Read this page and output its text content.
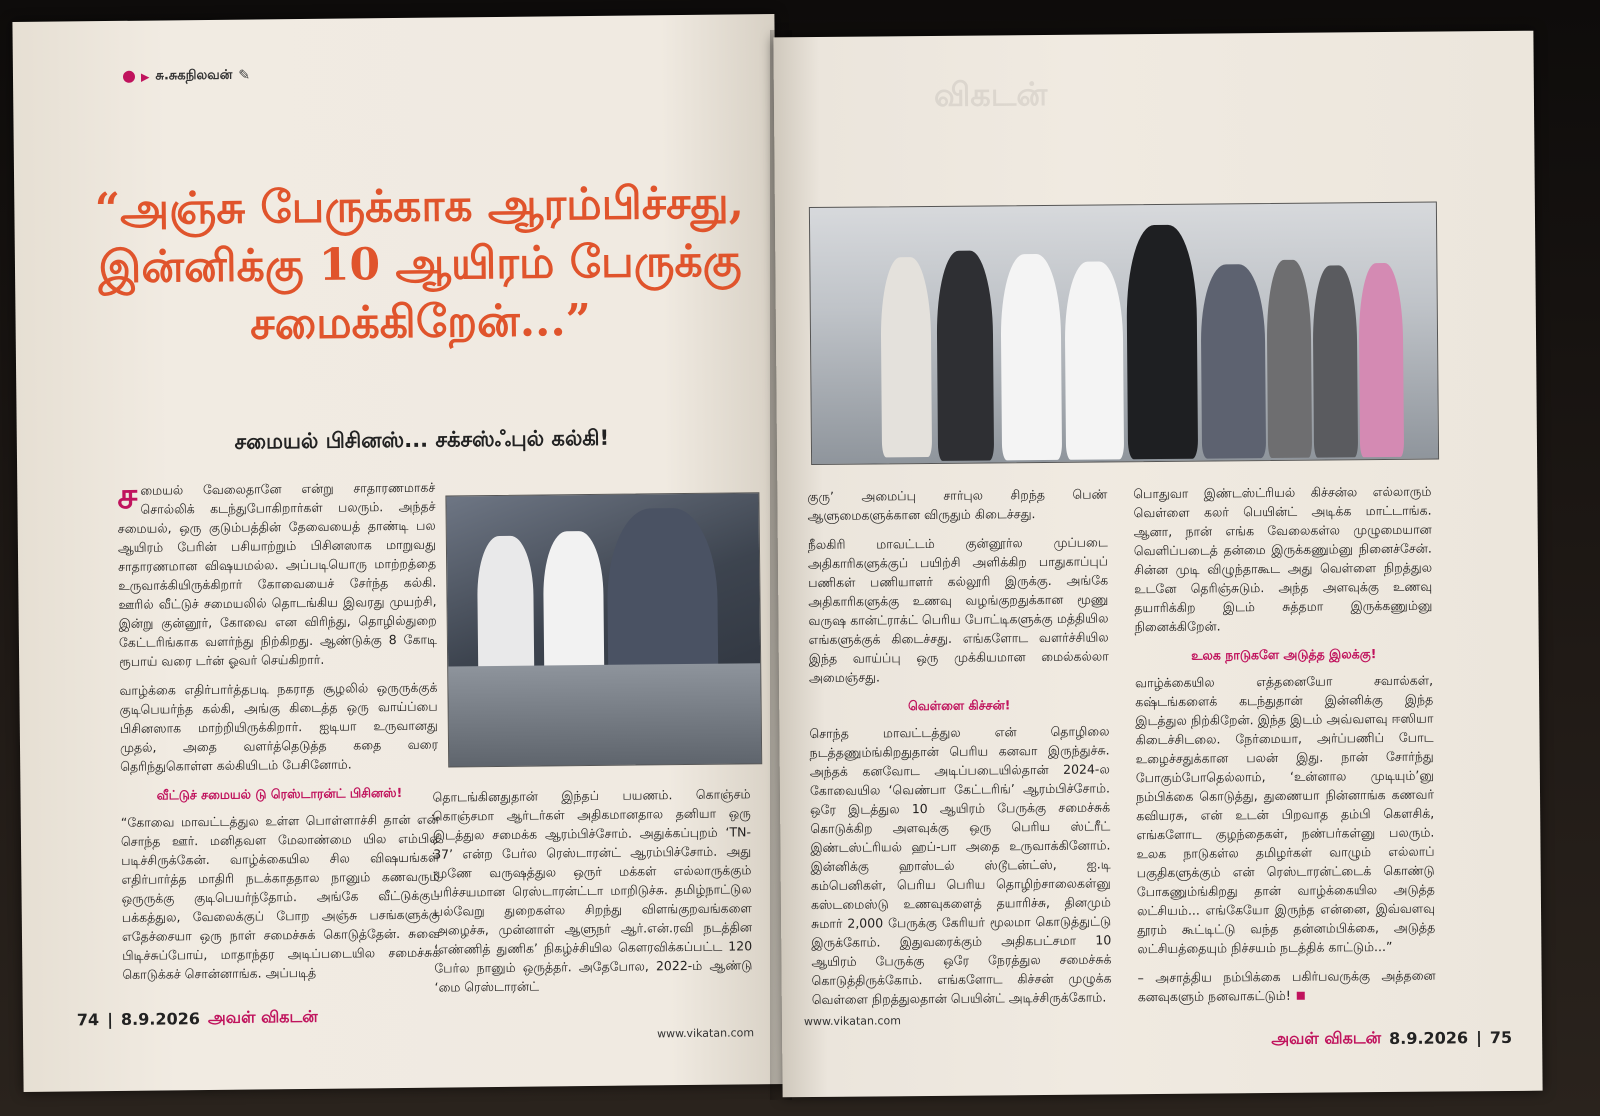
▶ சு.சுகநிலவன் ✎
“அஞ்சு பேருக்காக ஆரம்பிச்சது, இன்னிக்கு 10 ஆயிரம் பேருக்கு சமைக்கிறேன்...”
சமையல் பிசினஸ்... சக்சஸ்ஃபுல் கல்கி!

சமையல் வேலைதானே என்று சாதாரணமாகச் சொல்லிக் கடந்துபோகிறார்கள் பலரும். அந்தச் சமையல், ஒரு குடும்பத்தின் தேவையைத் தாண்டி பல ஆயிரம் பேரின் பசியாற்றும் பிசினஸாக மாறுவது சாதாரணமான விஷயமல்ல. அப்படியொரு மாற்றத்தை உருவாக்கியிருக்கிறார் கோவையைச் சேர்ந்த கல்கி. ஊரில் வீட்டுச் சமையலில் தொடங்கிய இவரது முயற்சி, இன்று குன்னூர், கோவை என விரிந்து, தொழில்துறை கேட்டரிங்காக வளர்ந்து நிற்கிறது. ஆண்டுக்கு 8 கோடி ரூபாய் வரை டர்ன் ஓவர் செய்கிறார்.

வாழ்க்கை எதிர்பார்த்தபடி நகராத சூழலில் ஒருருக்குக் குடிபெயர்ந்த கல்கி, அங்கு கிடைத்த ஒரு வாய்ப்பை பிசினஸாக மாற்றியிருக்கிறார். ஐடியா உருவானது முதல், அதை வளர்த்தெடுத்த கதை வரை தெரிந்துகொள்ள கல்கியிடம் பேசினோம்.

வீட்டுச் சமையல் டு ரெஸ்டாரன்ட் பிசினஸ்!

“கோவை மாவட்டத்துல உள்ள பொள்ளாச்சி தான் என் சொந்த ஊர். மனிதவள மேலாண்மை யில எம்பிஏ படிச்சிருக்கேன். வாழ்க்கையில சில விஷயங்கள் எதிர்பார்த்த மாதிரி நடக்காததால நானும் கணவரும் ஒருருக்கு குடிபெயர்ந்தோம். அங்கே வீட்டுக்குப் பக்கத்துல, வேலைக்குப் போற அஞ்சு பசங்களுக்கு எதேச்சையா ஒரு நாள் சமைச்சுக் கொடுத்தேன். சுவை பிடிச்சுப்போய், மாதாந்தர அடிப்படையில சமைச்சுக் கொடுக்கச் சொன்னாங்க. அப்படித்

தொடங்கினதுதான் இந்தப் பயணம். கொஞ்சம் கொஞ்சமா ஆர்டர்கள் அதிகமானதால தனியா ஒரு இடத்துல சமைக்க ஆரம்பிச்சோம். அதுக்கப்புறம் ‘TN-37’ என்ற பேர்ல ரெஸ்டாரன்ட் ஆரம்பிச்சோம். அது மூணே வருஷத்துல ஒருர் மக்கள் எல்லாருக்கும் பரிச்சயமான ரெஸ்டாரன்ட்டா மாறிடுச்சு. தமிழ்நாட்டுல பல்வேறு துறைகள்ல சிறந்து விளங்குறவங்களை அழைச்சு, முன்னாள் ஆளுநர் ஆர்.என்.ரவி நடத்தின ‘எண்ணித் துணிக’ நிகழ்ச்சியில கௌரவிக்கப்பட்ட 120 பேர்ல நானும் ஒருத்தர். அதேபோல, 2022-ம் ஆண்டு ‘மை ரெஸ்டாரன்ட்

74 | 8.9.2026 அவள் விகடன்
www.vikatan.com
விகடன்

குரு’ அமைப்பு சார்புல சிறந்த பெண் ஆளுமைகளுக்கான விருதும் கிடைச்சது.

நீலகிரி மாவட்டம் குன்னூர்ல முப்படை அதிகாரிகளுக்குப் பயிற்சி அளிக்கிற பாதுகாப்புப் பணிகள் பணியாளர் கல்லூரி இருக்கு. அங்கே அதிகாரிகளுக்கு உணவு வழங்குறதுக்கான மூணு வருஷ கான்ட்ராக்ட் பெரிய போட்டிகளுக்கு மத்தியில எங்களுக்குக் கிடைச்சது. எங்களோட வளர்ச்சியில இந்த வாய்ப்பு ஒரு முக்கியமான மைல்கல்லா அமைஞ்சது.

வெள்ளை கிச்சன்!

சொந்த மாவட்டத்துல என் தொழிலை நடத்தணும்ங்கிறதுதான் பெரிய கனவா இருந்துச்சு. அந்தக் கனவோட அடிப்படையில்தான் 2024-ல கோவையில ‘வெண்பா கேட்டரிங்’ ஆரம்பிச்சோம். ஒரே இடத்துல 10 ஆயிரம் பேருக்கு சமைச்சுக் கொடுக்கிற அளவுக்கு ஒரு பெரிய ஸ்ட்ரீட் இண்டஸ்ட்ரியல் ஹப்-பா அதை உருவாக்கினோம். இன்னிக்கு ஹாஸ்டல் ஸ்டூடன்ட்ஸ், ஐ.டி கம்பெனிகள், பெரிய பெரிய தொழிற்சாலைகள்னு கஸ்டமைஸ்டு உணவுகளைத் தயாரிச்சு, தினமும் சுமார் 2,000 பேருக்கு கேரியர் மூலமா கொடுத்துட்டு இருக்கோம். இதுவரைக்கும் அதிகபட்சமா 10 ஆயிரம் பேருக்கு ஒரே நேரத்துல சமைச்சுக் கொடுத்திருக்கோம். எங்களோட கிச்சன் முழுக்க வெள்ளை நிறத்துலதான் பெயின்ட் அடிச்சிருக்கோம்.

பொதுவா இண்டஸ்ட்ரியல் கிச்சன்ல எல்லாரும் வெள்ளை கலர் பெயின்ட் அடிக்க மாட்டாங்க. ஆனா, நான் எங்க வேலைகள்ல முழுமையான வெளிப்படைத் தன்மை இருக்கணும்னு நினைச்சேன். சின்ன முடி விழுந்தாகூட அது வெள்ளை நிறத்துல உடனே தெரிஞ்சுடும். அந்த அளவுக்கு உணவு தயாரிக்கிற இடம் சுத்தமா இருக்கணும்னு நினைக்கிறேன்.

உலக நாடுகளே அடுத்த இலக்கு!

வாழ்க்கையில எத்தனையோ சவால்கள், கஷ்டங்களைக் கடந்துதான் இன்னிக்கு இந்த இடத்துல நிற்கிறேன். இந்த இடம் அவ்வளவு ஈஸியா கிடைச்சிடலை. நேர்மையா, அர்ப்பணிப் போட உழைச்சதுக்கான பலன் இது. நான் சோர்ந்து போகும்போதெல்லாம், ‘உன்னால முடியும்’னு நம்பிக்கை கொடுத்து, துணையா நின்னாங்க கணவர் கவியரசு, என் உடன் பிறவாத தம்பி கௌசிக், எங்களோட குழந்தைகள், நண்பர்கள்னு பலரும். உலக நாடுகள்ல தமிழர்கள் வாழும் எல்லாப் பகுதிகளுக்கும் என் ரெஸ்டாரன்ட்டைக் கொண்டு போகணும்ங்கிறது தான் வாழ்க்கையில அடுத்த லட்சியம்... எங்கேயோ இருந்த என்னை, இவ்வளவு தூரம் கூட்டிட்டு வந்த தன்னம்பிக்கை, அடுத்த லட்சியத்தையும் நிச்சயம் நடத்திக் காட்டும்...”

– அசாத்திய நம்பிக்கை பகிர்பவருக்கு அத்தனை கனவுகளும் நனவாகட்டும்!

www.vikatan.com
அவள் விகடன் 8.9.2026 | 75
